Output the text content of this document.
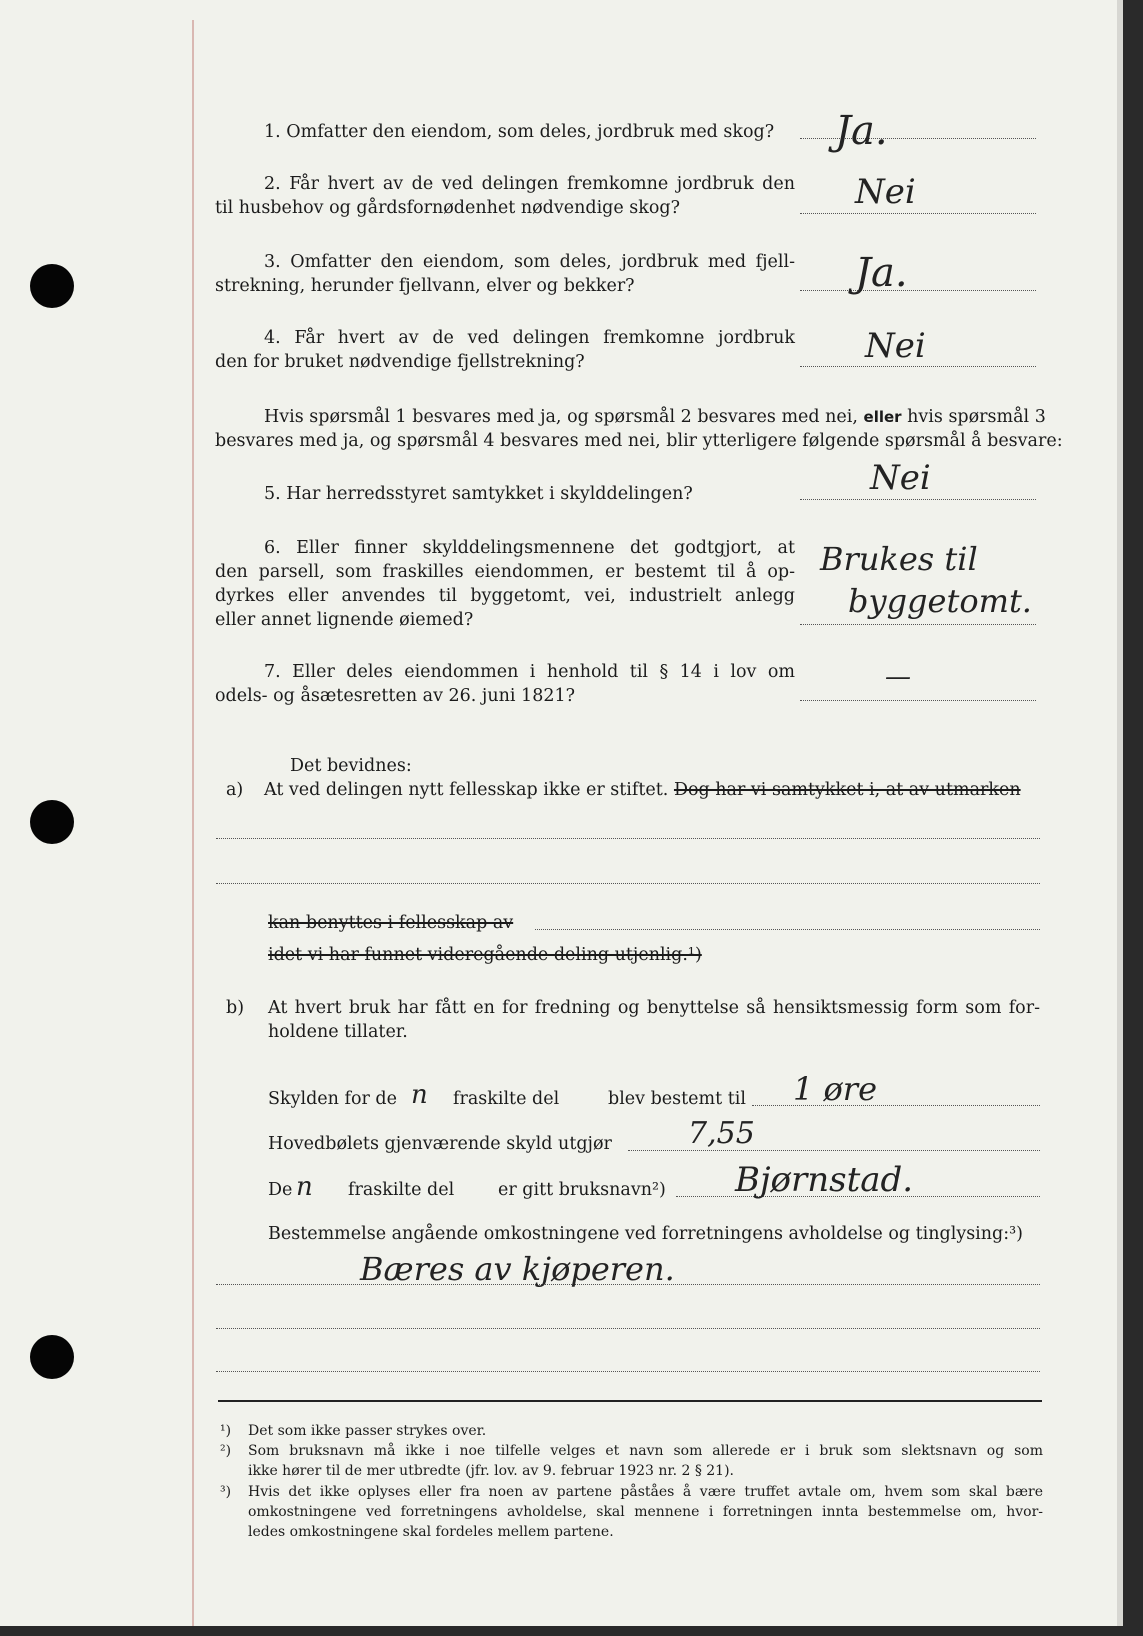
1. Omfatter den eiendom, som deles, jordbruk med skog? Ja.
2. Får hvert av de ved delingen fremkomne jordbruk den
til husbehov og gårdsfornødenhet nødvendige skog?	Nei
3. Omfatter den eiendom, som deles, jordbruk med fjell-
strekning, herunder fjellvann, elver og bekker?	Ja.
4. Får hvert av de ved delingen fremkomne jordbruk
den for bruket nødvendige fjellstrekning?	Nei
Hvis spørsmål 1 besvares med ja, og spørsmål 2 besvares med nei, eller hvis spørsmål 3
besvares med ja, og spørsmål 4 besvares med nei, blir ytterligere følgende spørsmål å besvare:
5. Har herredsstyret samtykket i skylddelingen?	Nei
6. Eller finner skylddelingsmennene det godtgjort, at
den parsell, som fraskilles eiendommen, er bestemt til å op-
dyrkes eller anvendes til byggetomt, vei, industrielt anlegg
eller annet lignende øiemed?
Brukes til
byggetomt.
7. Eller deles eiendommen i henhold til § 14 i lov om
odels- og åsætesretten av 26. juni 1821?
—
Det bevidnes:
a) At ved delingen nytt fellesskap ikke er stiftet. Dog har vi samtykket i, at av utmarken
kan benyttes i fellesskap av
idet vi har funnet videregående deling utjenlig.¹)
b) At hvert bruk har fått en for fredning og benyttelse så hensiktsmessig form som for-
holdene tillater.
Skylden for de n fraskilte del	blev bestemt til 1 øre
Hovedbølets gjenværende skyld utgjør	7,55
De n fraskilte del	er gitt bruksnavn²) Bjørnstad.
Bestemmelse angående omkostningene ved forretningens avholdelse og tinglysing:³)
Bæres av kjøperen.
¹) Det som ikke passer strykes over.
²) Som bruksnavn må ikke i noe tilfelle velges et navn som allerede er i bruk som slektsnavn og som
ikke hører til de mer utbredte (jfr. lov. av 9. februar 1923 nr. 2 § 21).
³) Hvis det ikke oplyses eller fra noen av partene påståes å være truffet avtale om, hvem som skal bære
omkostningene ved forretningens avholdelse, skal mennene i forretningen innta bestemmelse om, hvor-
ledes omkostningene skal fordeles mellem partene.
